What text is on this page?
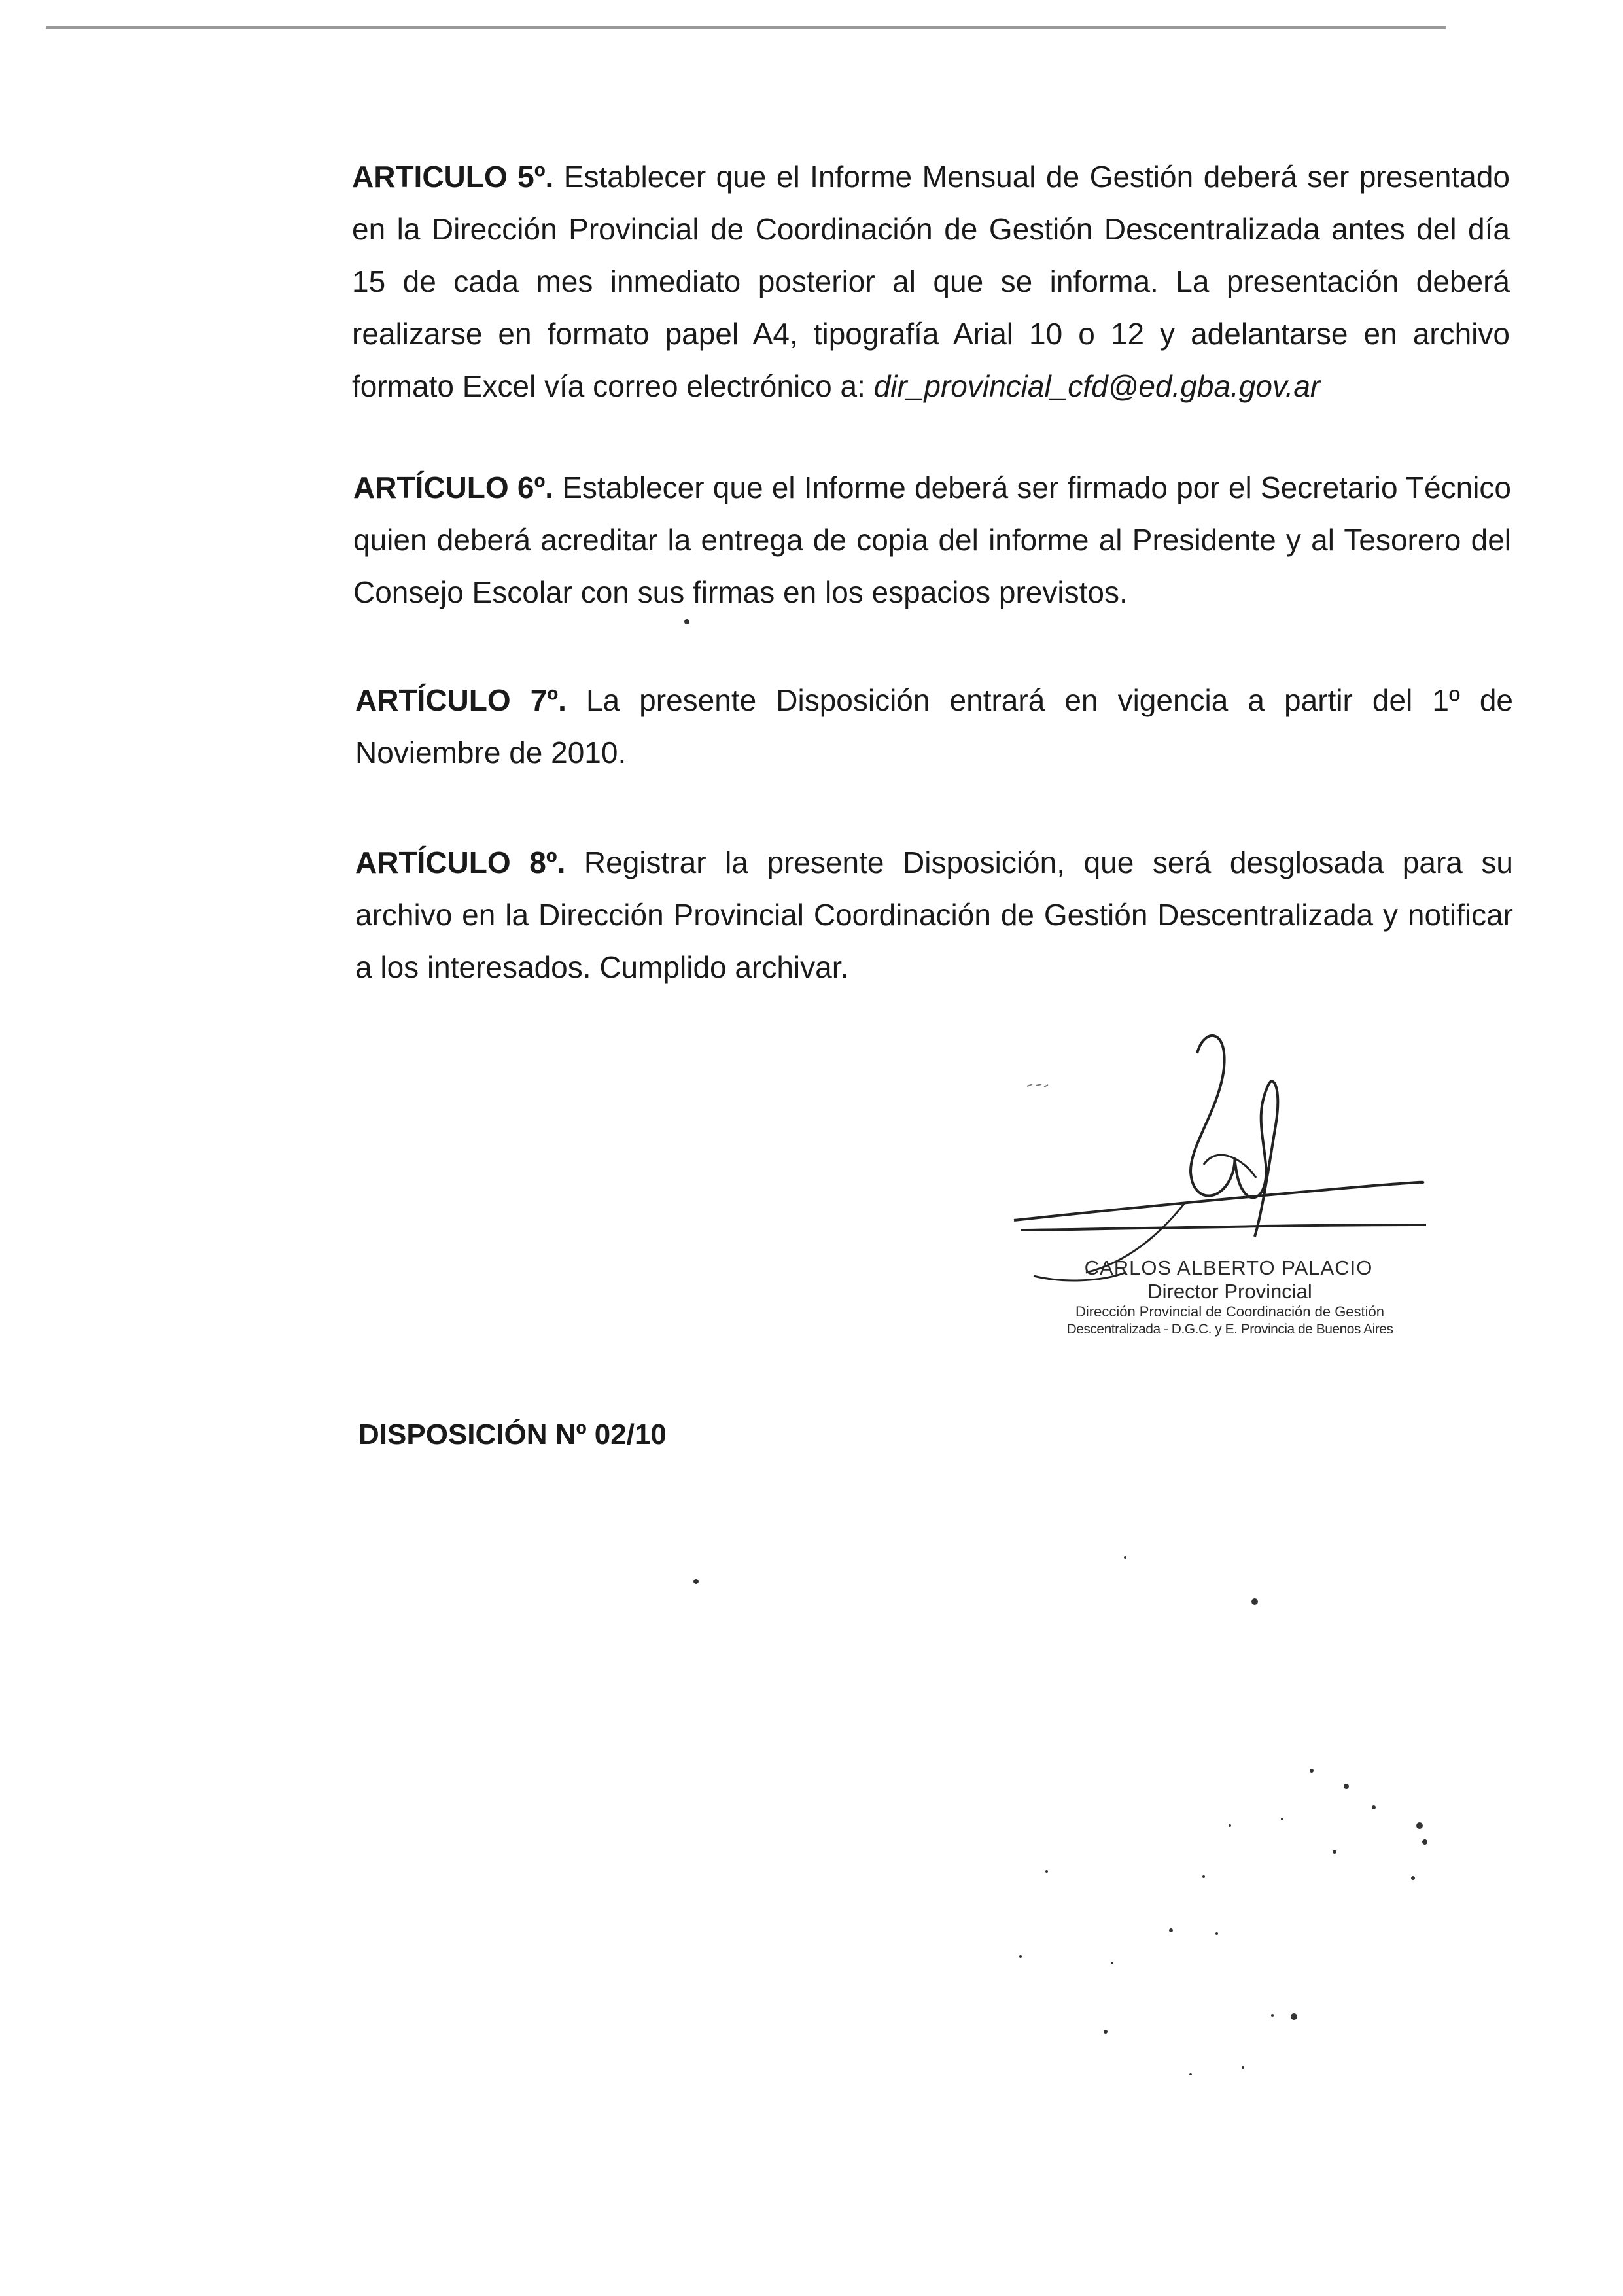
ARTICULO 5º. Establecer que el Informe Mensual de Gestión deberá ser presentado en la Dirección Provincial de Coordinación de Gestión Descentralizada antes del día 15 de cada mes inmediato posterior al que se informa. La presentación deberá realizarse en formato papel A4, tipografía Arial 10 o 12 y adelantarse en archivo formato Excel vía correo electrónico a: dir_provincial_cfd@ed.gba.gov.ar
ARTÍCULO 6º. Establecer que el Informe deberá ser firmado por el Secretario Técnico quien deberá acreditar la entrega de copia del informe al Presidente y al Tesorero del Consejo Escolar con sus firmas en los espacios previstos.
ARTÍCULO 7º. La presente Disposición entrará en vigencia a partir del 1º de Noviembre de 2010.
ARTÍCULO 8º. Registrar la presente Disposición, que será desglosada para su archivo en la Dirección Provincial Coordinación de Gestión Descentralizada y notificar a los interesados. Cumplido archivar.
CARLOS ALBERTO PALACIO
Director Provincial
Dirección Provincial de Coordinación de Gestión
Descentralizada - D.G.C. y E. Provincia de Buenos Aires
DISPOSICIÓN Nº 02/10
